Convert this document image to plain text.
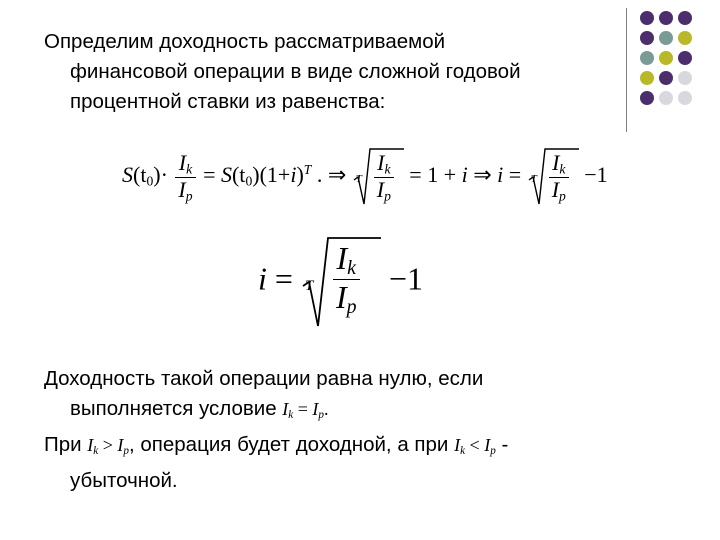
Определим доходность рассматриваемой
финансовой операции в виде сложной годовой
процентной ставки из равенства:
$S(t_0)\cdot \frac{I_k}{I_p} = S(t_0)(1+i)^T$ . ⇒ T $\frac{I_k}{I_p} = 1 + i$ ⇒ i = T $\frac{I_k}{I_p} -1$
i = T $\frac{I_k}{I_p} -1$
Доходность такой операции равна нулю, если
выполняется условие $I_k = I_p$.
При $I_k > I_p$, операция будет доходной, а при $I_k < I_p$ -
убыточной.
